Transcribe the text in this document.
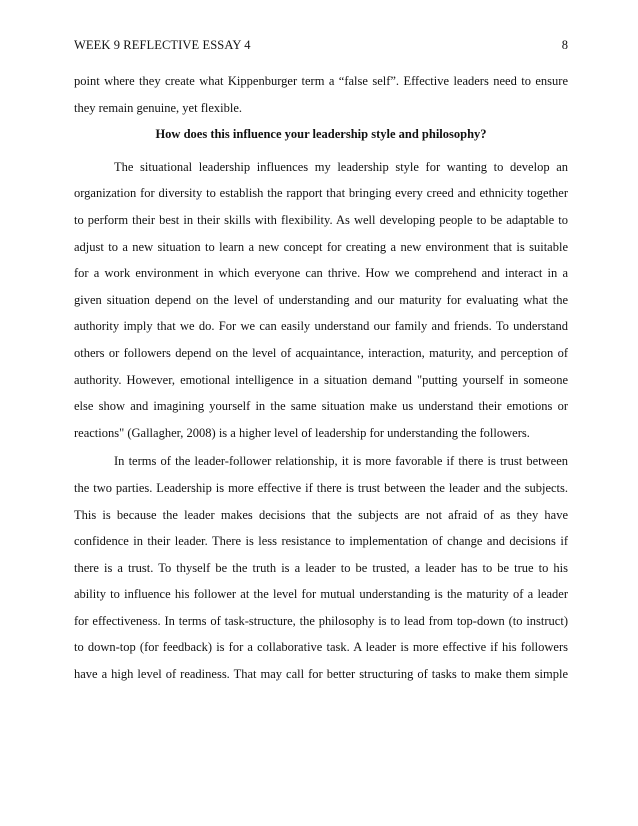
WEEK 9 REFLECTIVE ESSAY 4	8
point where they create what Kippenburger term a “false self”. Effective leaders need to ensure
they remain genuine, yet flexible.
How does this influence your leadership style and philosophy?
The situational leadership influences my leadership style for wanting to develop an
organization for diversity to establish the rapport that bringing every creed and ethnicity together
to perform their best in their skills with flexibility. As well developing people to be adaptable to
adjust to a new situation to learn a new concept for creating a new environment that is suitable
for a work environment in which everyone can thrive. How we comprehend and interact in a
given situation depend on the level of understanding and our maturity for evaluating what the
authority imply that we do. For we can easily understand our family and friends. To understand
others or followers depend on the level of acquaintance, interaction, maturity, and perception of
authority. However, emotional intelligence in a situation demand "putting yourself in someone
else show and imagining yourself in the same situation make us understand their emotions or
reactions" (Gallagher, 2008) is a higher level of leadership for understanding the followers.
In terms of the leader-follower relationship, it is more favorable if there is trust between
the two parties. Leadership is more effective if there is trust between the leader and the subjects.
This is because the leader makes decisions that the subjects are not afraid of as they have
confidence in their leader. There is less resistance to implementation of change and decisions if
there is a trust. To thyself be the truth is a leader to be trusted, a leader has to be true to his
ability to influence his follower at the level for mutual understanding is the maturity of a leader
for effectiveness. In terms of task-structure, the philosophy is to lead from top-down (to instruct)
to down-top (for feedback) is for a collaborative task. A leader is more effective if his followers
have a high level of readiness. That may call for better structuring of tasks to make them simple
